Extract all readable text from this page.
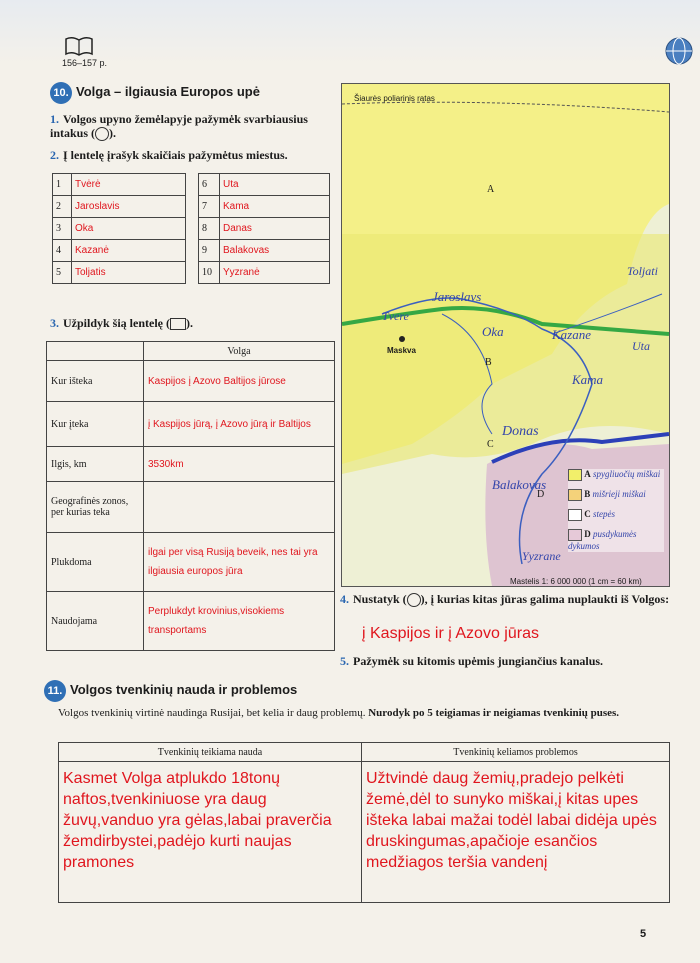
156–157 p.
10. Volga – ilgiausia Europos upė
1. Volgos upyno žemėlapyje pažymėk svarbiausius intakus ( ).
2. Į lentelę įrašyk skaičiais pažymėtus miestus.
1	Tvėrė
2	Jaroslavis
3	Oka
4	Kazanė
5	Toljatis
6	Uta
7	Kama
8	Danas
9	Balakovas
10	Yyzranė
3. Užpildyk šią lentelę ( ).
	Volga
Kur išteka	Kaspijos į Azovo Baltijos jūrose
Kur įteka	į Kaspijos jūrą, į Azovo jūrą ir Baltijos
Ilgis, km	3530km
Geografinės zonos, per kurias teka	
Plukdoma	ilgai per visą Rusiją beveik, nes tai yra ilgiausia europos jūra
Naudojama	Perplukdyt krovinius,visokiems transportams
Šiaurės poliarinis ratas
A
B
C
D
Maskva
Tvere
Jaroslavs
Oka	Kazane
Uta
Kama
Donas
Balakovas
Yyzrane
Toljati
A spygliuočių miškai
B mišrieji miškai
C stepės
D pusdykumės dykumos
Mastelis 1: 6 000 000 (1 cm = 60 km)
4. Nustatyk ( ), į kurias kitas jūras galima nuplaukti iš Volgos:
į Kaspijos ir į Azovo jūras
5. Pažymėk su kitomis upėmis jungiančius kanalus.
11. Volgos tvenkinių nauda ir problemos
Volgos tvenkinių virtinė naudinga Rusijai, bet kelia ir daug problemų. Nurodyk po 5 teigiamas ir neigiamas tvenkinių puses.
Tvenkinių teikiama nauda	Tvenkinių keliamos problemos
Kasmet Volga atplukdo 18tonų naftos,tvenkiniuose yra daug žuvų,vanduo yra gėlas,labai praverčia žemdirbystei,padėjo kurti naujas pramones	Užtvindė daug žemių,pradejo pelkėti žemė,dėl to sunyko miškai,į kitas upes išteka labai mažai todėl labai didėja upės druskingumas,apačioje esančios medžiagos teršia vandenį
5
